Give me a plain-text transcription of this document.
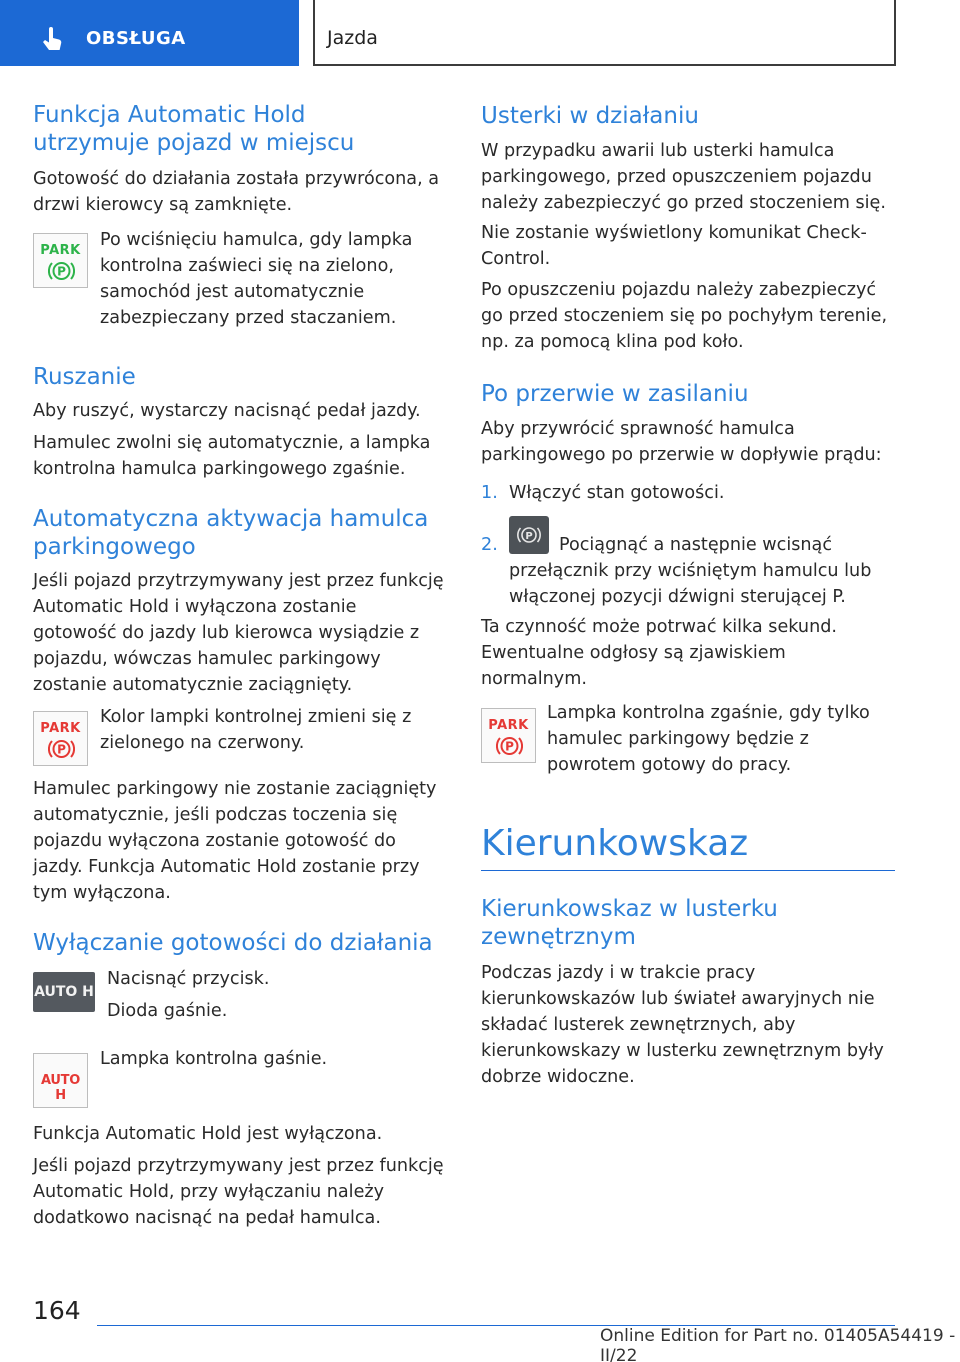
OBSŁUGA	Jazda
Funkcja Automatic Hold utrzymuje pojazd w miejscu
Gotowość do działania została przywrócona, a drzwi kierowcy są zamknięte.
PARK
P
Po wciśnięciu hamulca, gdy lampka kontrolna zaświeci się na zielono, samochód jest automatycznie zabezpieczany przed staczaniem.
Ruszanie
Aby ruszyć, wystarczy nacisnąć pedał jazdy.
Hamulec zwolni się automatycznie, a lampka kontrolna hamulca parkingowego zgaśnie.
Automatyczna aktywacja hamulca parkingowego
Jeśli pojazd przytrzymywany jest przez funkcję Automatic Hold i wyłączona zostanie gotowość do jazdy lub kierowca wysiądzie z pojazdu, wówczas hamulec parkingowy zostanie automatycznie zaciągnięty.
PARK
P
Kolor lampki kontrolnej zmieni się z zielonego na czerwony.
Hamulec parkingowy nie zostanie zaciągnięty automatycznie, jeśli podczas toczenia się pojazdu wyłączona zostanie gotowość do jazdy. Funkcja Automatic Hold zostanie przy tym wyłączona.
Wyłączanie gotowości do działania
AUTO H
Nacisnąć przycisk.
Dioda gaśnie.
AUTO H
Lampka kontrolna gaśnie.
Funkcja Automatic Hold jest wyłączona.
Jeśli pojazd przytrzymywany jest przez funkcję Automatic Hold, przy wyłączaniu należy dodatkowo nacisnąć na pedał hamulca.
Usterki w działaniu
W przypadku awarii lub usterki hamulca parkingowego, przed opuszczeniem pojazdu należy zabezpieczyć go przed stoczeniem się.
Nie zostanie wyświetlony komunikat Check-Control.
Po opuszczeniu pojazdu należy zabezpieczyć go przed stoczeniem się po pochyłym terenie, np. za pomocą klina pod koło.
Po przerwie w zasilaniu
Aby przywrócić sprawność hamulca parkingowego po przerwie w dopływie prądu:
1. Włączyć stan gotowości.
2.	P	Pociągnąć a następnie wcisnąć przełącznik przy wciśniętym hamulcu lub włączonej pozycji dźwigni sterującej P.
Ta czynność może potrwać kilka sekund. Ewentualne odgłosy są zjawiskiem normalnym.
PARK
P
Lampka kontrolna zgaśnie, gdy tylko hamulec parkingowy będzie z powrotem gotowy do pracy.
Kierunkowskaz
Kierunkowskaz w lusterku zewnętrznym
Podczas jazdy i w trakcie pracy kierunkowskazów lub świateł awaryjnych nie składać lusterek zewnętrznych, aby kierunkowskazy w lusterku zewnętrznym były dobrze widoczne.
164
Online Edition for Part no. 01405A54419 - II/22
